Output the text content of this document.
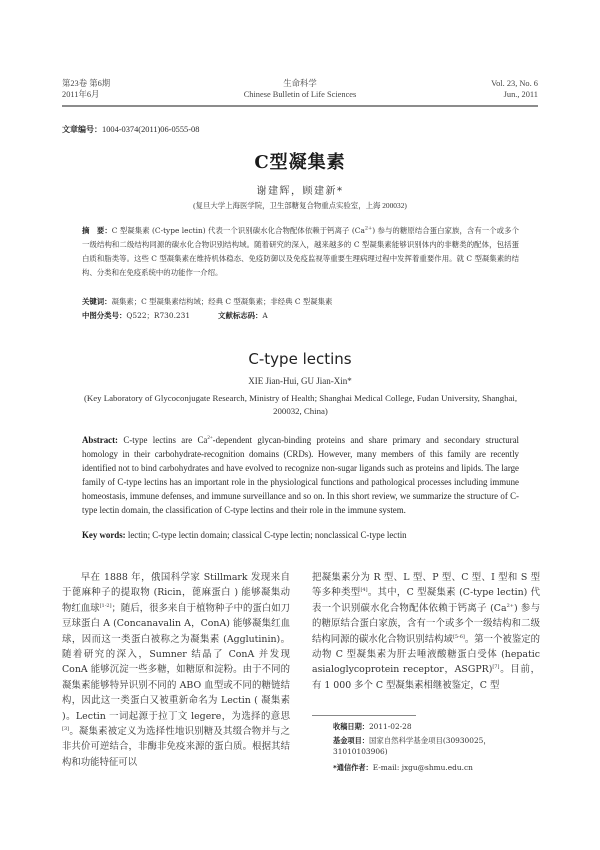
第23卷 第6期
2011年6月
生命科学
Chinese Bulletin of Life Sciences
Vol. 23, No. 6
Jun., 2011
文章编号：1004-0374(2011)06-0555-08
C型凝集素
谢建辉，顾建新*
(复旦大学上海医学院，卫生部糖复合物重点实验室，上海 200032)
摘　要：C 型凝集素 (C-type lectin) 代表一个识别碳水化合物配体依赖于钙离子 $(Ca^{2+})$ 参与的糖原结合蛋白家族，含有一个或多个一级结构和二级结构同源的碳水化合物识别结构域。随着研究的深入，越来越多的 C 型凝集素能够识别体内的非糖类的配体，包括蛋白质和脂类等。这些 C 型凝集素在维持机体稳态、免疫防御以及免疫监视等重要生理病理过程中发挥着重要作用。就 C 型凝集素的结构、分类和在免疫系统中的功能作一介绍。
关键词：凝集素；C 型凝集素结构域；经典 C 型凝集素；非经典 C 型凝集素
中图分类号：Q522；R730.231	文献标志码：A
C-type lectins
XIE Jian-Hui, GU Jian-Xin*
(Key Laboratory of Glycoconjugate Research, Ministry of Health; Shanghai Medical College, Fudan University, Shanghai, 200032, China)
Abstract: C-type lectins are $Ca^{2+}$-dependent glycan-binding proteins and share primary and secondary structural homology in their carbohydrate-recognition domains (CRDs). However, many members of this family are recently identified not to bind carbohydrates and have evolved to recognize non-sugar ligands such as proteins and lipids. The large family of C-type lectins has an important role in the physiological functions and pathological processes including immune homeostasis, immune defenses, and immune surveillance and so on. In this short review, we summarize the structure of C-type lectin domain, the classification of C-type lectins and their role in the immune system.
Key words: lectin; C-type lectin domain; classical C-type lectin; nonclassical C-type lectin
早在 1888 年，俄国科学家 Stillmark 发现来自于蓖麻种子的提取物 (Ricin，蓖麻蛋白 ) 能够凝集动物红血球[1-2]；随后，很多来自于植物种子中的蛋白如刀豆球蛋白 A (Concanavalin A，ConA) 能够凝集红血球，因而这一类蛋白被称之为凝集素 (Agglutinin)。随着研究的深入，Sumner 结晶了 ConA 并发现 ConA 能够沉淀一些多糖，如糖原和淀粉。由于不同的凝集素能够特异识别不同的 ABO 血型或不同的糖链结构，因此这一类蛋白又被重新命名为 Lectin ( 凝集素 )。Lectin 一词起源于拉丁文 legere，为选择的意思[3]。凝集素被定义为选择性地识别糖及其缀合物并与之非共价可逆结合，非酶非免疫来源的蛋白质。根据其结构和功能特征可以
把凝集素分为 R 型、L 型、P 型、C 型、I 型和 S 型等多种类型[4]。其中，C 型凝集素 (C-type lectin) 代表一个识别碳水化合物配体依赖于钙离子 $(Ca^{2+})$ 参与的糖原结合蛋白家族，含有一个或多个一级结构和二级结构同源的碳水化合物识别结构域[5-6]。第一个被鉴定的动物 C 型凝集素为肝去唾液酸糖蛋白受体 (hepatic asialoglycoprotein receptor，ASGPR)[7]。目前，有 1 000 多个 C 型凝集素相继被鉴定，C 型
收稿日期：2011-02-28
基金项目：国家自然科学基金项目(30930025，31010103906)
*通信作者：E-mail: jxgu@shmu.edu.cn
